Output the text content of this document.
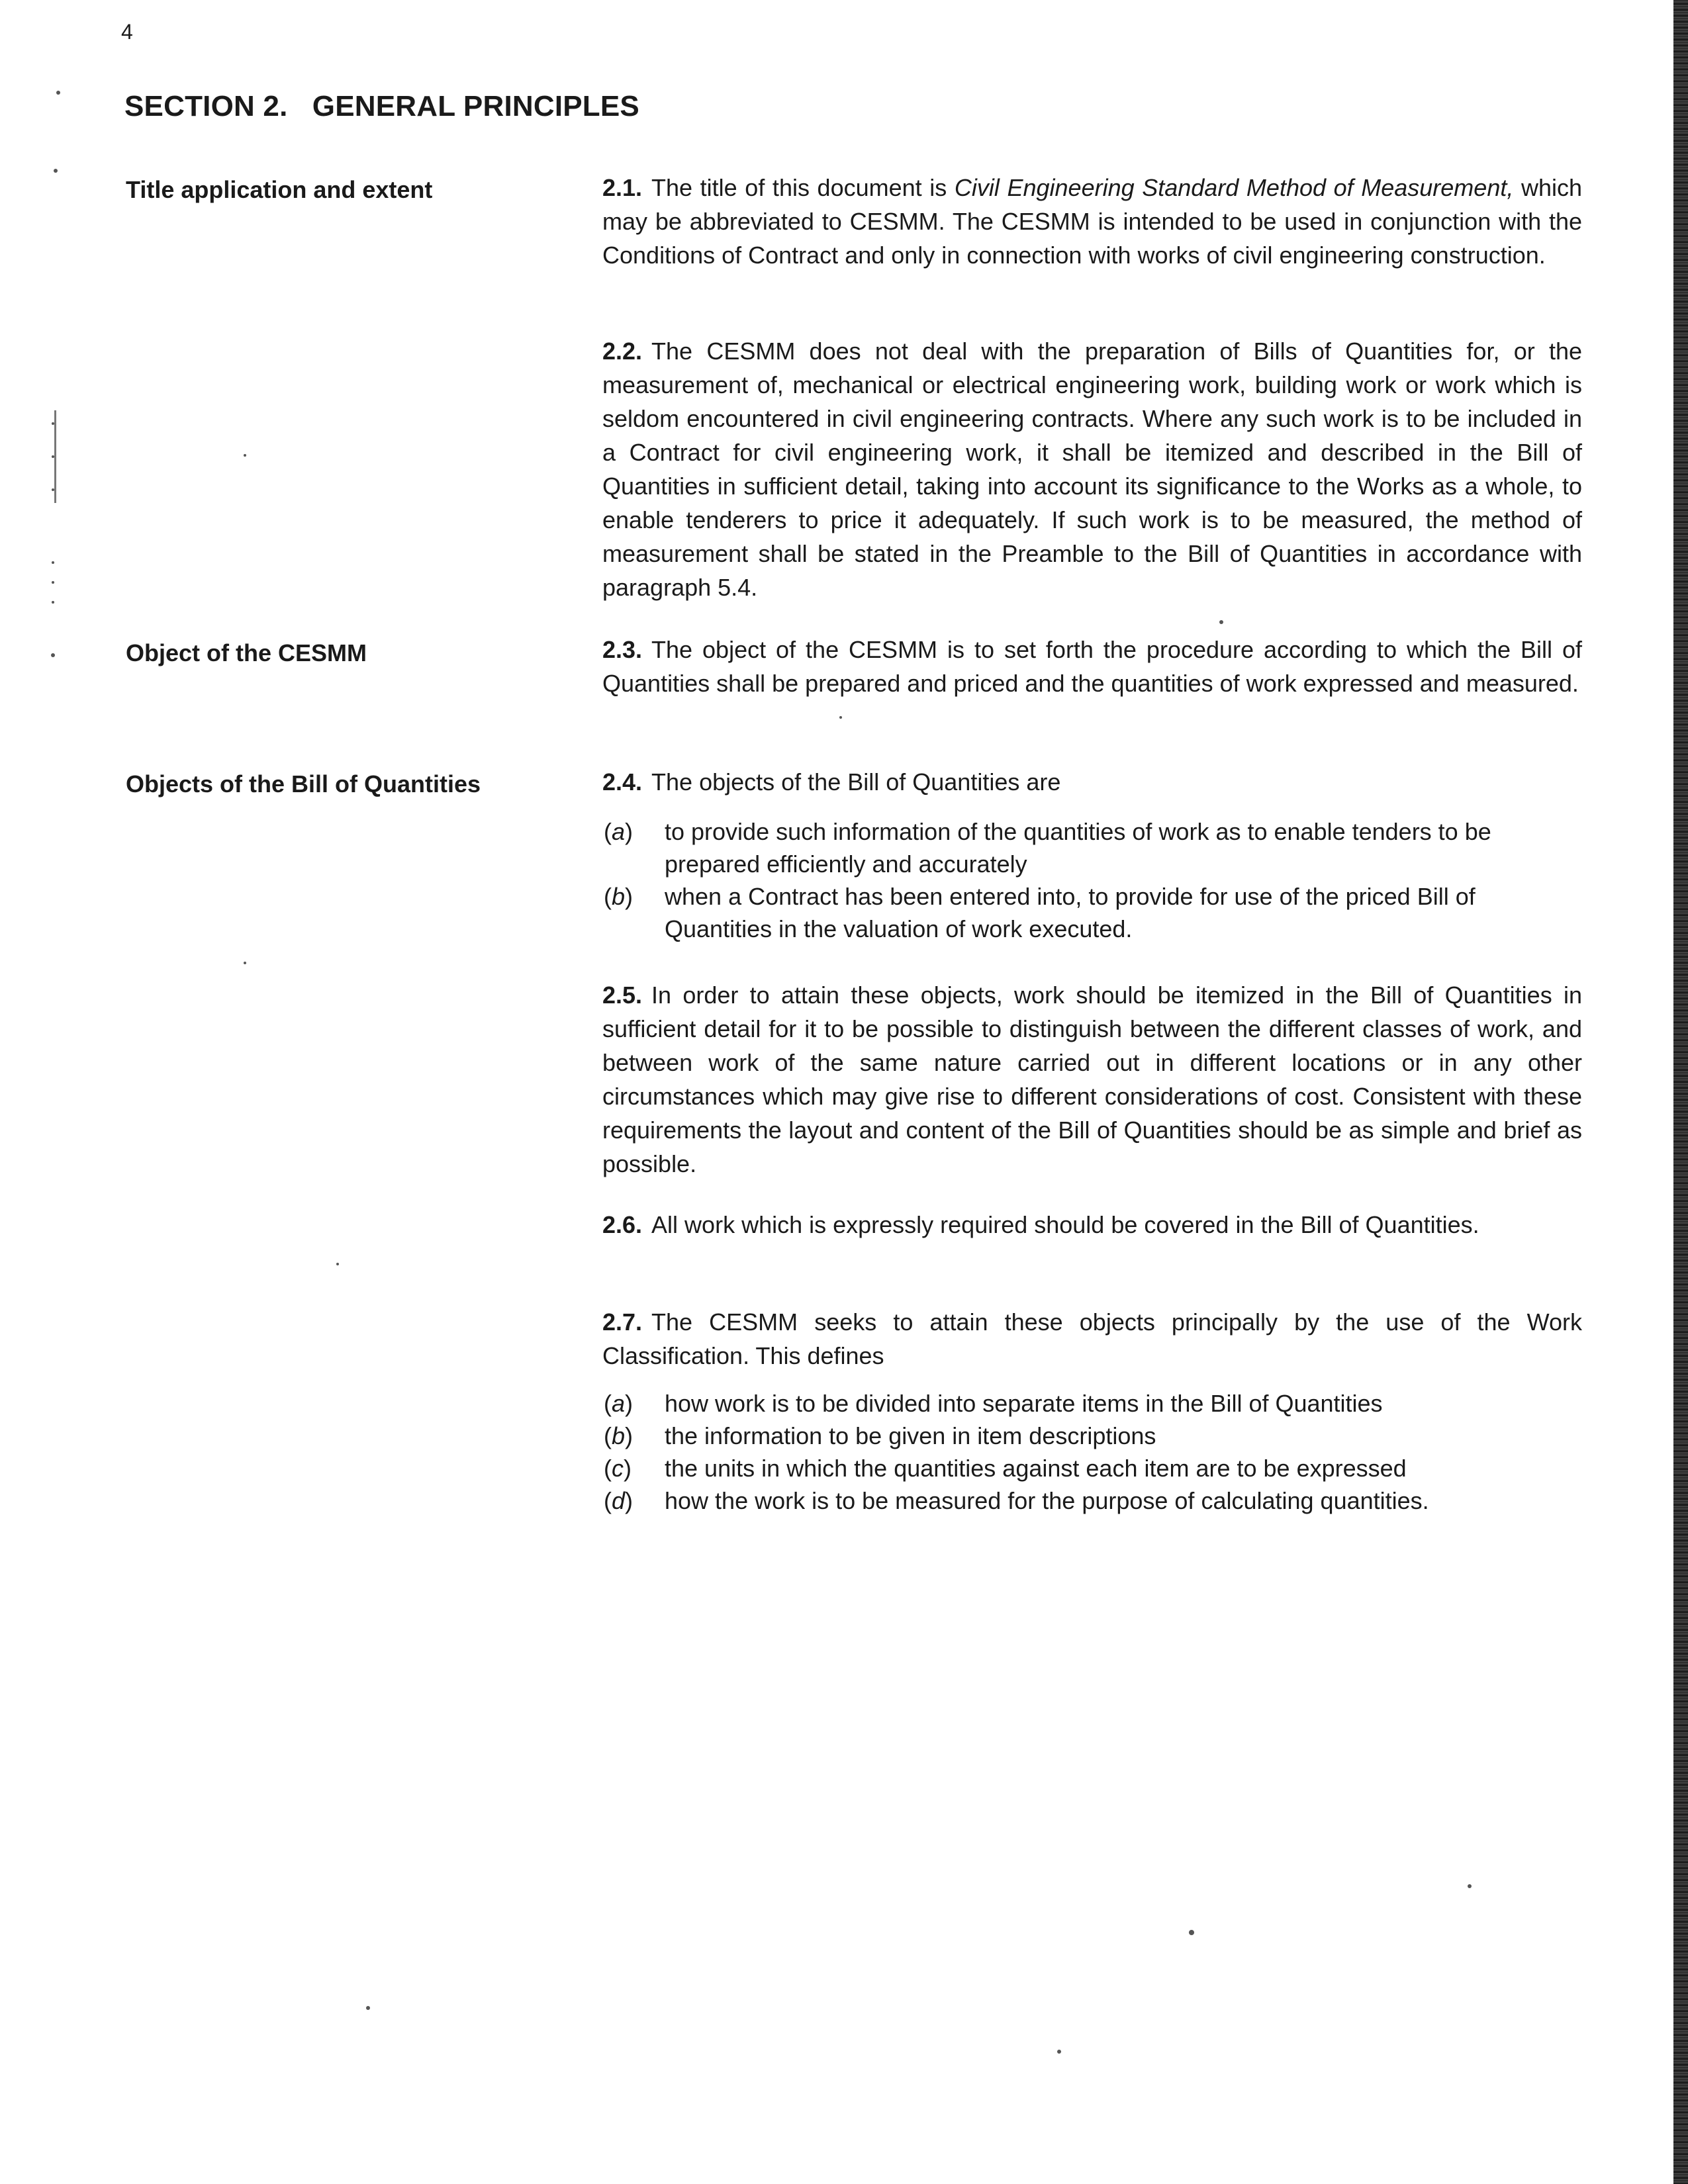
4
SECTION 2.   GENERAL PRINCIPLES
Title application and extent
Object of the CESMM
Objects of the Bill of Quantities

2.1. The title of this document is Civil Engineering Standard Method of Measurement, which may be abbreviated to CESMM. The CESMM is intended to be used in conjunction with the Conditions of Contract and only in connection with works of civil engineering construction.

2.2. The CESMM does not deal with the preparation of Bills of Quantities for, or the measurement of, mechanical or electrical engineering work, building work or work which is seldom encountered in civil engineering contracts. Where any such work is to be included in a Contract for civil engineering work, it shall be itemized and described in the Bill of Quantities in sufficient detail, taking into account its significance to the Works as a whole, to enable tenderers to price it adequately. If such work is to be measured, the method of measurement shall be stated in the Preamble to the Bill of Quantities in accordance with paragraph 5.4.

2.3. The object of the CESMM is to set forth the procedure according to which the Bill of Quantities shall be prepared and priced and the quantities of work expressed and measured.

2.4. The objects of the Bill of Quantities are

(a)	to provide such information of the quantities of work as to enable tenders to be prepared efficiently and accurately
(b)	when a Contract has been entered into, to provide for use of the priced Bill of Quantities in the valuation of work executed.

2.5. In order to attain these objects, work should be itemized in the Bill of Quantities in sufficient detail for it to be possible to distinguish between the different classes of work, and between work of the same nature carried out in different locations or in any other circumstances which may give rise to different considerations of cost. Consistent with these requirements the layout and content of the Bill of Quantities should be as simple and brief as possible.

2.6. All work which is expressly required should be covered in the Bill of Quantities.

2.7. The CESMM seeks to attain these objects principally by the use of the Work Classification. This defines

(a)	how work is to be divided into separate items in the Bill of Quantities
(b)	the information to be given in item descriptions
(c)	the units in which the quantities against each item are to be expressed
(d)	how the work is to be measured for the purpose of calculating quantities.
